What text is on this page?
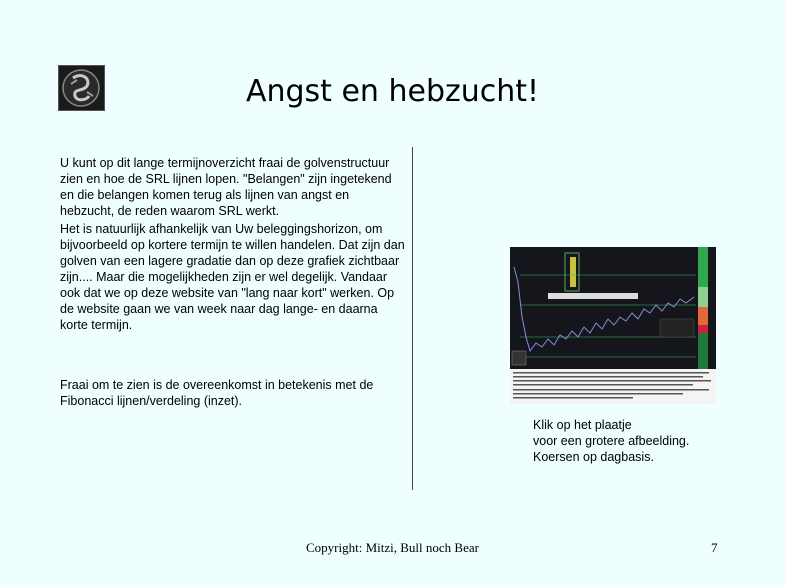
Angst en hebzucht!

U kunt op dit lange termijnoverzicht fraai de golvenstructuur zien en hoe de SRL lijnen lopen. "Belangen" zijn ingetekend en die belangen komen terug als lijnen van angst en hebzucht, de reden waarom SRL werkt.

Het is natuurlijk afhankelijk van Uw beleggingshorizon, om bijvoorbeeld op kortere termijn te willen handelen. Dat zijn dan golven van een lagere gradatie dan op deze grafiek zichtbaar zijn.... Maar die mogelijkheden zijn er wel degelijk. Vandaar ook dat we op deze website van "lang naar kort" werken. Op de website gaan we van week naar dag lange- en daarna korte termijn.

Fraai om te zien is de overeenkomst in betekenis met de Fibonacci lijnen/verdeling (inzet).

Klik op het plaatje
voor een grotere afbeelding.
Koersen op dagbasis.
Copyright: Mitzi, Bull noch Bear	7
